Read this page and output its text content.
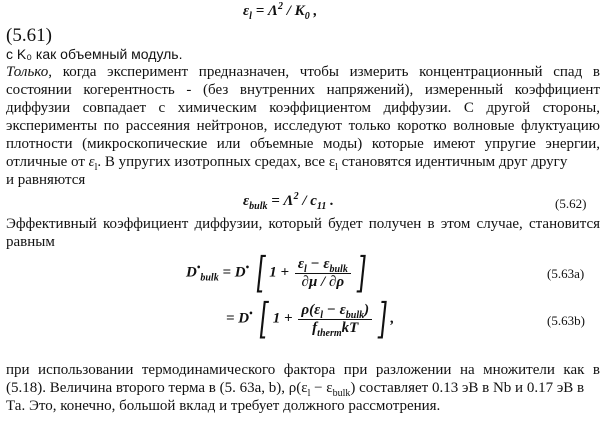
$\varepsilon_l = \Lambda^2 / K_0$ ,
(5.61)
с K₀ как объемный модуль.
Только, когда эксперимент предназначен, чтобы измерить концентрационный спад в
состоянии когерентность - (без внутренних напряжений), измеренный коэффициент
диффузии совпадает с химическим коэффициентом диффузии. С другой стороны,
эксперименты по рассеяния нейтронов, исследуют только коротко волновые флуктуацию
плотности (микроскопические или объемные моды) которые имеют упругие энергии,
отличные от $\varepsilon_l$. В упругих изотропных средах, все $\varepsilon_l$ становятся идентичным друг другу
и равняются
$\varepsilon_{bulk} = \Lambda^2 / c_{11}$ .	(5.62)
Эффективный коэффициент диффузии, который будет получен в этом случае, становится
равным
$D^•_{bulk} = D^•$ [ $1 + \frac{\varepsilon_l - \varepsilon_{bulk}}{\partial\mu / \partial\rho}$ ]	(5.63a)
= D• [ $1 + \frac{\rho(\varepsilon_l - \varepsilon_{bulk})}{f_{therm}kT}$ ] ,	(5.63b)
при использовании термодинамического фактора при разложении на множители как в
(5.18). Величина второго терма в (5. 63a, b), $\rho(\varepsilon_l - \varepsilon_{bulk})$ составляет 0.13 эВ в Nb и 0.17 эВ в
Та. Это, конечно, большой вклад и требует должного рассмотрения.
